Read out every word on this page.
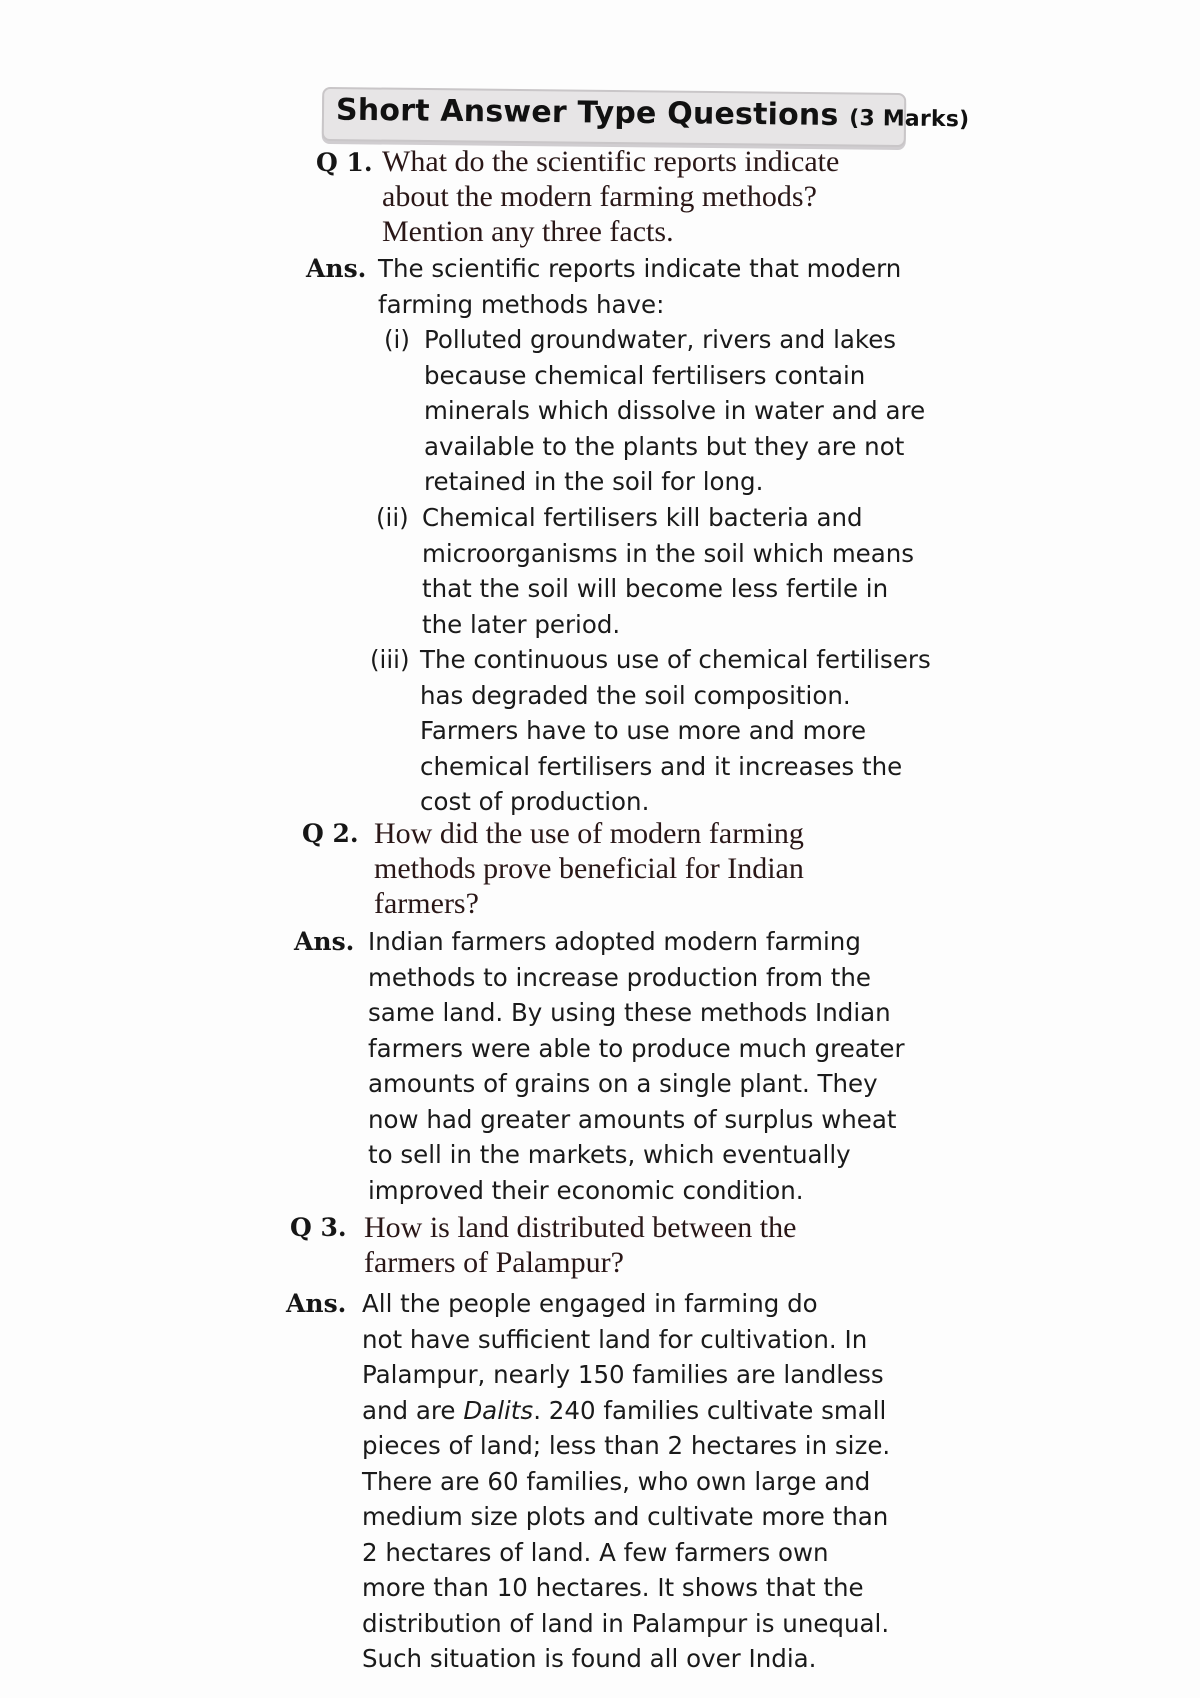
Short Answer Type Questions (3 Marks)
Q 1. What do the scientific reports indicate
about the modern farming methods?
Mention any three facts.
Ans. The scientific reports indicate that modern
farming methods have:
(i) Polluted groundwater, rivers and lakes
because chemical fertilisers contain
minerals which dissolve in water and are
available to the plants but they are not
retained in the soil for long.
(ii) Chemical fertilisers kill bacteria and
microorganisms in the soil which means
that the soil will become less fertile in
the later period.
(iii) The continuous use of chemical fertilisers
has degraded the soil composition.
Farmers have to use more and more
chemical fertilisers and it increases the
cost of production.
Q 2. How did the use of modern farming
methods prove beneficial for Indian
farmers?
Ans. Indian farmers adopted modern farming
methods to increase production from the
same land. By using these methods Indian
farmers were able to produce much greater
amounts of grains on a single plant. They
now had greater amounts of surplus wheat
to sell in the markets, which eventually
improved their economic condition.
Q 3. How is land distributed between the
farmers of Palampur?
Ans. All the people engaged in farming do
not have sufficient land for cultivation. In
Palampur, nearly 150 families are landless
and are Dalits. 240 families cultivate small
pieces of land; less than 2 hectares in size.
There are 60 families, who own large and
medium size plots and cultivate more than
2 hectares of land. A few farmers own
more than 10 hectares. It shows that the
distribution of land in Palampur is unequal.
Such situation is found all over India.
